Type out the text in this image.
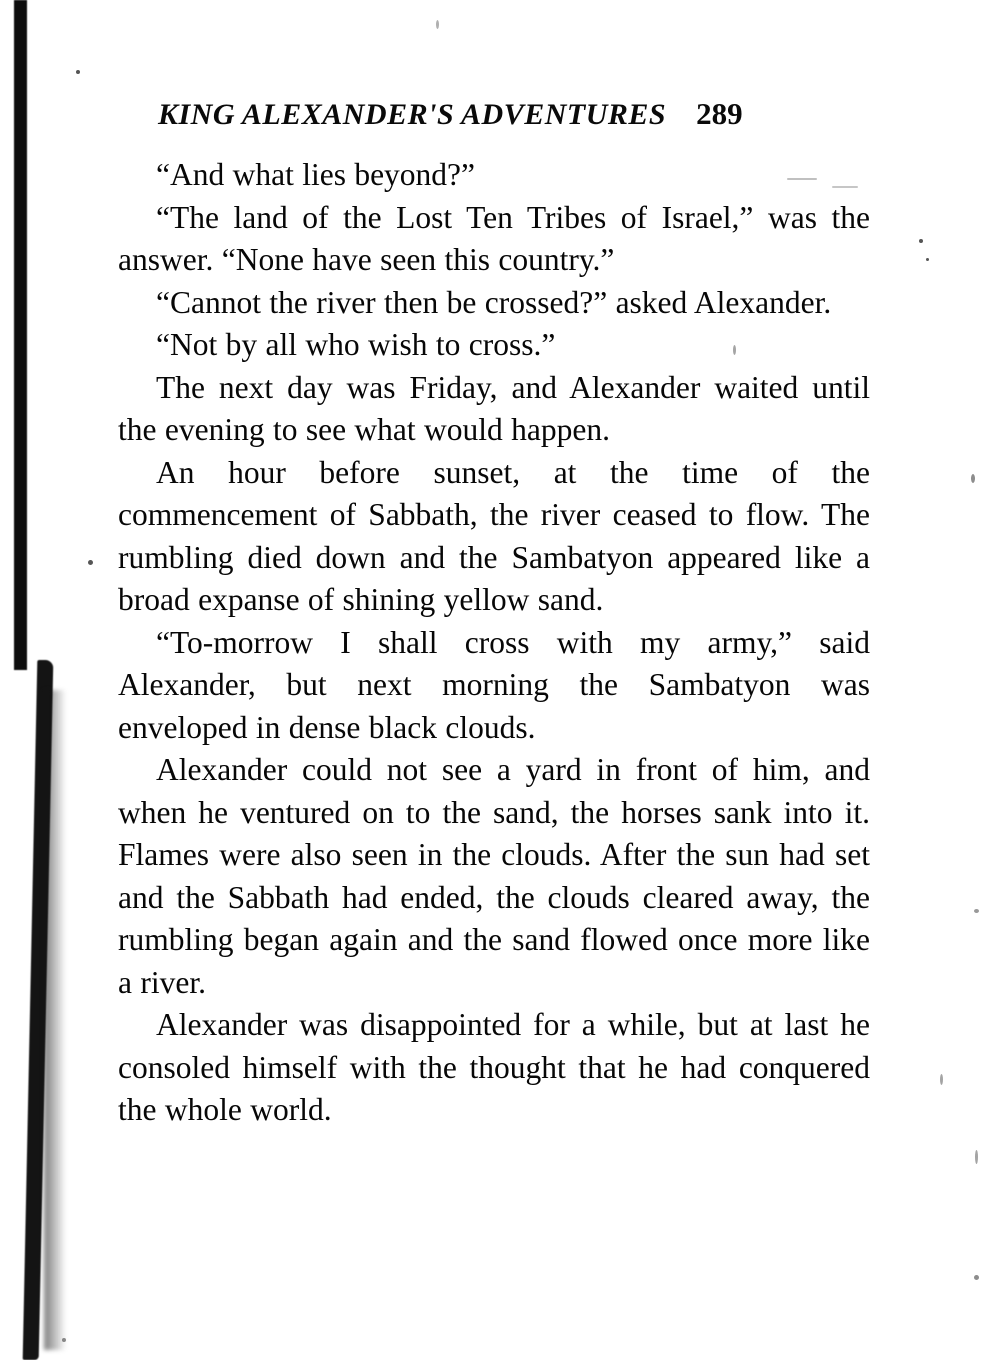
KING ALEXANDER'S ADVENTURES 289

“And what lies beyond?”

“The land of the Lost Ten Tribes of Israel,” was the answer. “None have seen this country.”

“Cannot the river then be crossed?” asked Alexander.

“Not by all who wish to cross.”

The next day was Friday, and Alexander waited until the evening to see what would happen.

An hour before sunset, at the time of the commencement of Sabbath, the river ceased to flow. The rumbling died down and the Sambatyon appeared like a broad expanse of shining yellow sand.

“To-morrow I shall cross with my army,” said Alexander, but next morning the Sambatyon was enveloped in dense black clouds.

Alexander could not see a yard in front of him, and when he ventured on to the sand, the horses sank into it. Flames were also seen in the clouds. After the sun had set and the Sabbath had ended, the clouds cleared away, the rumbling began again and the sand flowed once more like a river.

Alexander was disappointed for a while, but at last he consoled himself with the thought that he had conquered the whole world.
